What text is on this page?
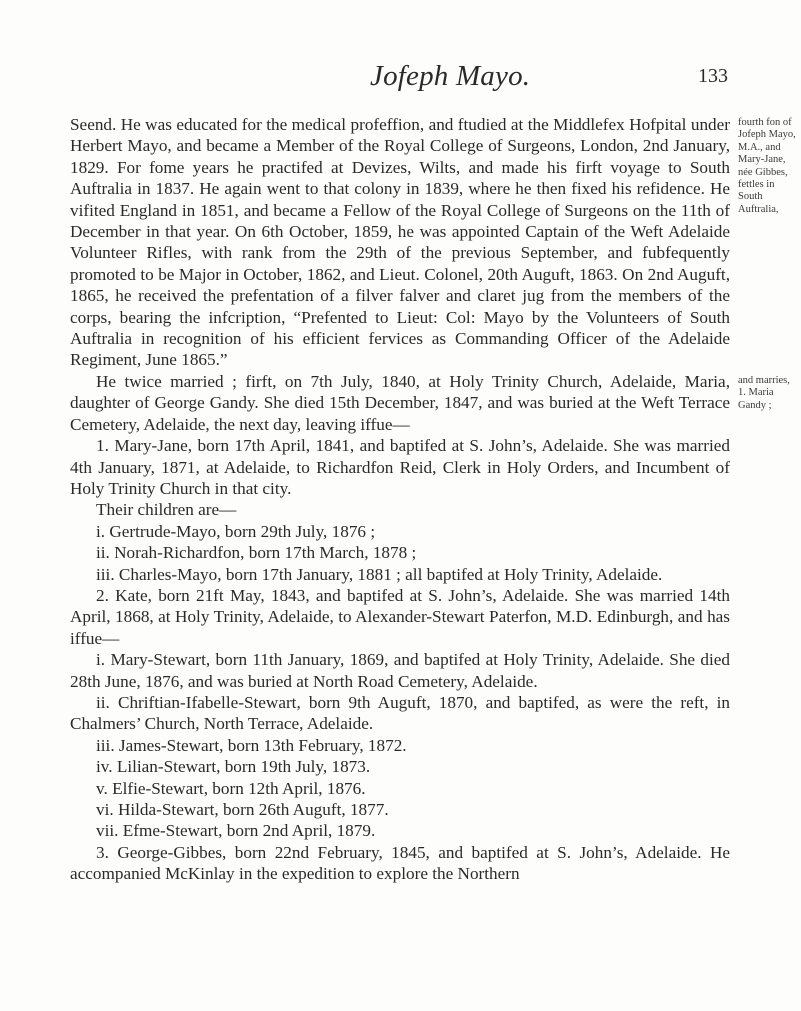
Jofeph Mayo.	133

Seend. He was educated for the medical profeffion, and ftudied at the Middlefex Hofpital under Herbert Mayo, and became a Member of the Royal College of Surgeons, London, 2nd January, 1829. For fome years he practifed at Devizes, Wilts, and made his firft voyage to South Auftralia in 1837. He again went to that colony in 1839, where he then fixed his refidence. He vifited England in 1851, and became a Fellow of the Royal College of Surgeons on the 11th of December in that year. On 6th October, 1859, he was appointed Captain of the Weft Adelaide Volunteer Rifles, with rank from the 29th of the previous September, and fubfequently promoted to be Major in October, 1862, and Lieut. Colonel, 20th Auguft, 1863. On 2nd Auguft, 1865, he received the prefentation of a filver falver and claret jug from the members of the corps, bearing the infcription, “Prefented to Lieut: Col: Mayo by the Volunteers of South Auftralia in recognition of his efficient fervices as Commanding Officer of the Adelaide Regiment, June 1865.”

He twice married ; firft, on 7th July, 1840, at Holy Trinity Church, Adelaide, Maria, daughter of George Gandy. She died 15th December, 1847, and was buried at the Weft Terrace Cemetery, Adelaide, the next day, leaving iffue—

1. Mary-Jane, born 17th April, 1841, and baptifed at S. John’s, Adelaide. She was married 4th January, 1871, at Adelaide, to Richardfon Reid, Clerk in Holy Orders, and Incumbent of Holy Trinity Church in that city.

Their children are—

i. Gertrude-Mayo, born 29th July, 1876 ;

ii. Norah-Richardfon, born 17th March, 1878 ;

iii. Charles-Mayo, born 17th January, 1881 ; all baptifed at Holy Trinity, Adelaide.

2. Kate, born 21ft May, 1843, and baptifed at S. John’s, Adelaide. She was married 14th April, 1868, at Holy Trinity, Adelaide, to Alexander-Stewart Paterfon, M.D. Edinburgh, and has iffue—

i. Mary-Stewart, born 11th January, 1869, and baptifed at Holy Trinity, Adelaide. She died 28th June, 1876, and was buried at North Road Cemetery, Adelaide.

ii. Chriftian-Ifabelle-Stewart, born 9th Auguft, 1870, and baptifed, as were the reft, in Chalmers’ Church, North Terrace, Adelaide.

iii. James-Stewart, born 13th February, 1872.

iv. Lilian-Stewart, born 19th July, 1873.

v. Elfie-Stewart, born 12th April, 1876.

vi. Hilda-Stewart, born 26th Auguft, 1877.

vii. Efme-Stewart, born 2nd April, 1879.

3. George-Gibbes, born 22nd February, 1845, and baptifed at S. John’s, Adelaide. He accompanied McKinlay in the expedition to explore the Northern

fourth fon of Jofeph Mayo, M.A., and Mary-Jane, née Gibbes, fettles in South Auftralia,

and marries, 1. Maria Gandy ;
